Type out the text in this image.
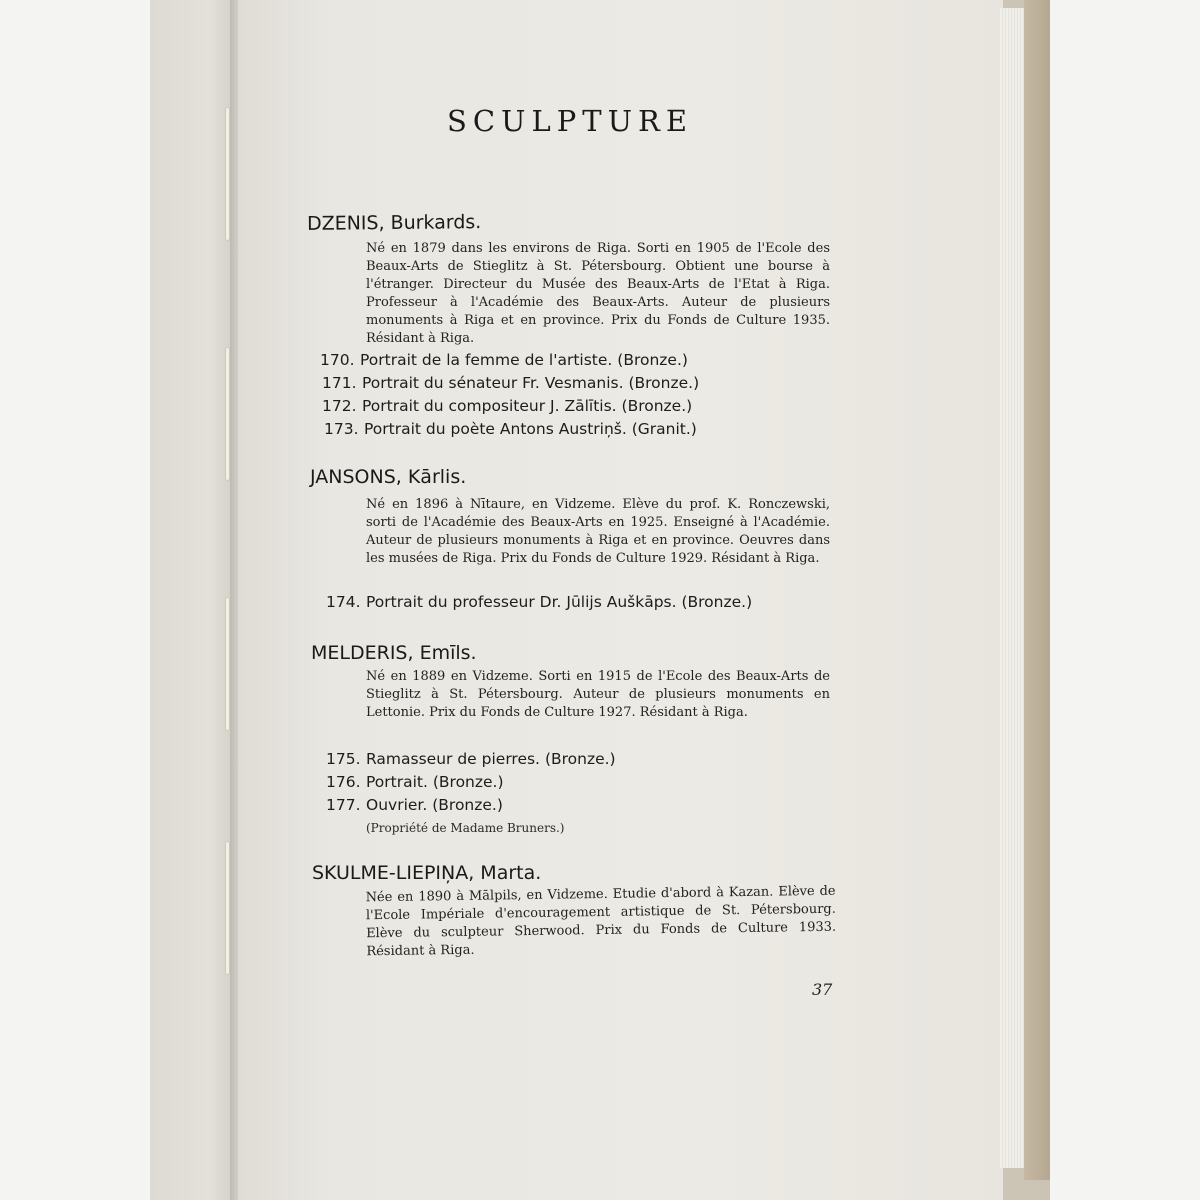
SCULPTURE
DZENIS, Burkards.
Né en 1879 dans les environs de Riga. Sorti en 1905 de l'Ecole des Beaux-Arts de Stieglitz à St. Pétersbourg. Obtient une bourse à l'étranger. Directeur du Musée des Beaux-Arts de l'Etat à Riga. Professeur à l'Académie des Beaux-Arts. Auteur de plusieurs monuments à Riga et en province. Prix du Fonds de Culture 1935. Résidant à Riga.
170. Portrait de la femme de l'artiste. (Bronze.)
171. Portrait du sénateur Fr. Vesmanis. (Bronze.)
172. Portrait du compositeur J. Zālītis. (Bronze.)
173. Portrait du poète Antons Austriņš. (Granit.)
JANSONS, Kārlis.
Né en 1896 à Nītaure, en Vidzeme. Elève du prof. K. Ronczewski, sorti de l'Académie des Beaux-Arts en 1925. Enseigné à l'Académie. Auteur de plusieurs monuments à Riga et en province. Oeuvres dans les musées de Riga. Prix du Fonds de Culture 1929. Résidant à Riga.
174. Portrait du professeur Dr. Jūlijs Auškāps. (Bronze.)
MELDERIS, Emīls.
Né en 1889 en Vidzeme. Sorti en 1915 de l'Ecole des Beaux-Arts de Stieglitz à St. Pétersbourg. Auteur de plusieurs monuments en Lettonie. Prix du Fonds de Culture 1927. Résidant à Riga.
175. Ramasseur de pierres. (Bronze.)
176. Portrait. (Bronze.)
177. Ouvrier. (Bronze.)
(Propriété de Madame Bruners.)
SKULME-LIEPIŅA, Marta.
Née en 1890 à Mālpils, en Vidzeme. Etudie d'abord à Kazan. Elève de l'Ecole Impériale d'encouragement artistique de St. Pétersbourg. Elève du sculpteur Sherwood. Prix du Fonds de Culture 1933. Résidant à Riga.
37
